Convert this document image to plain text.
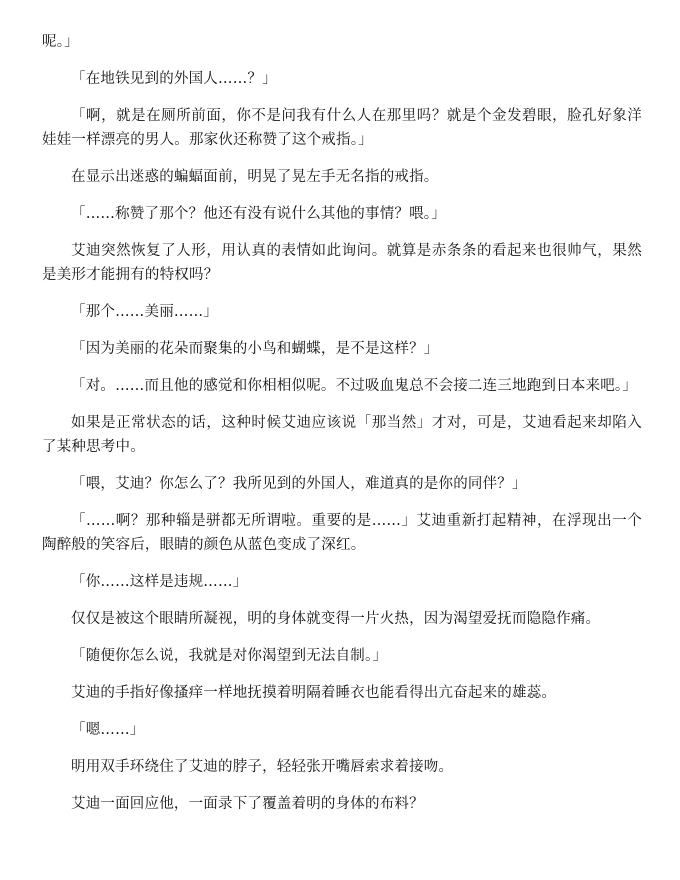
呢。」

「在地铁见到的外国人……？」

「啊，就是在厕所前面，你不是问我有什么人在那里吗？就是个金发碧眼，脸孔好象洋娃娃一样漂亮的男人。那家伙还称赞了这个戒指。」

在显示出迷惑的蝙蝠面前，明晃了晃左手无名指的戒指。

「……称赞了那个？他还有没有说什么其他的事情？喂。」

艾迪突然恢复了人形，用认真的表情如此询问。就算是赤条条的看起来也很帅气，果然是美形才能拥有的特权吗？

「那个……美丽……」

「因为美丽的花朵而聚集的小鸟和蝴蝶，是不是这样？」

「对。……而且他的感觉和你相相似呢。不过吸血鬼总不会接二连三地跑到日本来吧。」

如果是正常状态的话，这种时候艾迪应该说「那当然」才对，可是，艾迪看起来却陷入了某种思考中。

「喂，艾迪？你怎么了？我所见到的外国人，难道真的是你的同伴？」

「……啊？那种辎是骈都无所谓啦。重要的是……」艾迪重新打起精神，在浮现出一个陶醉般的笑容后，眼睛的颜色从蓝色变成了深红。

「你……这样是违规……」

仅仅是被这个眼睛所凝视，明的身体就变得一片火热，因为渴望爱抚而隐隐作痛。

「随便你怎么说，我就是对你渴望到无法自制。」

艾迪的手指好像搔痒一样地抚摸着明隔着睡衣也能看得出亢奋起来的雄蕊。

「嗯……」

明用双手环绕住了艾迪的脖子，轻轻张开嘴唇索求着接吻。

艾迪一面回应他，一面录下了覆盖着明的身体的布料？
